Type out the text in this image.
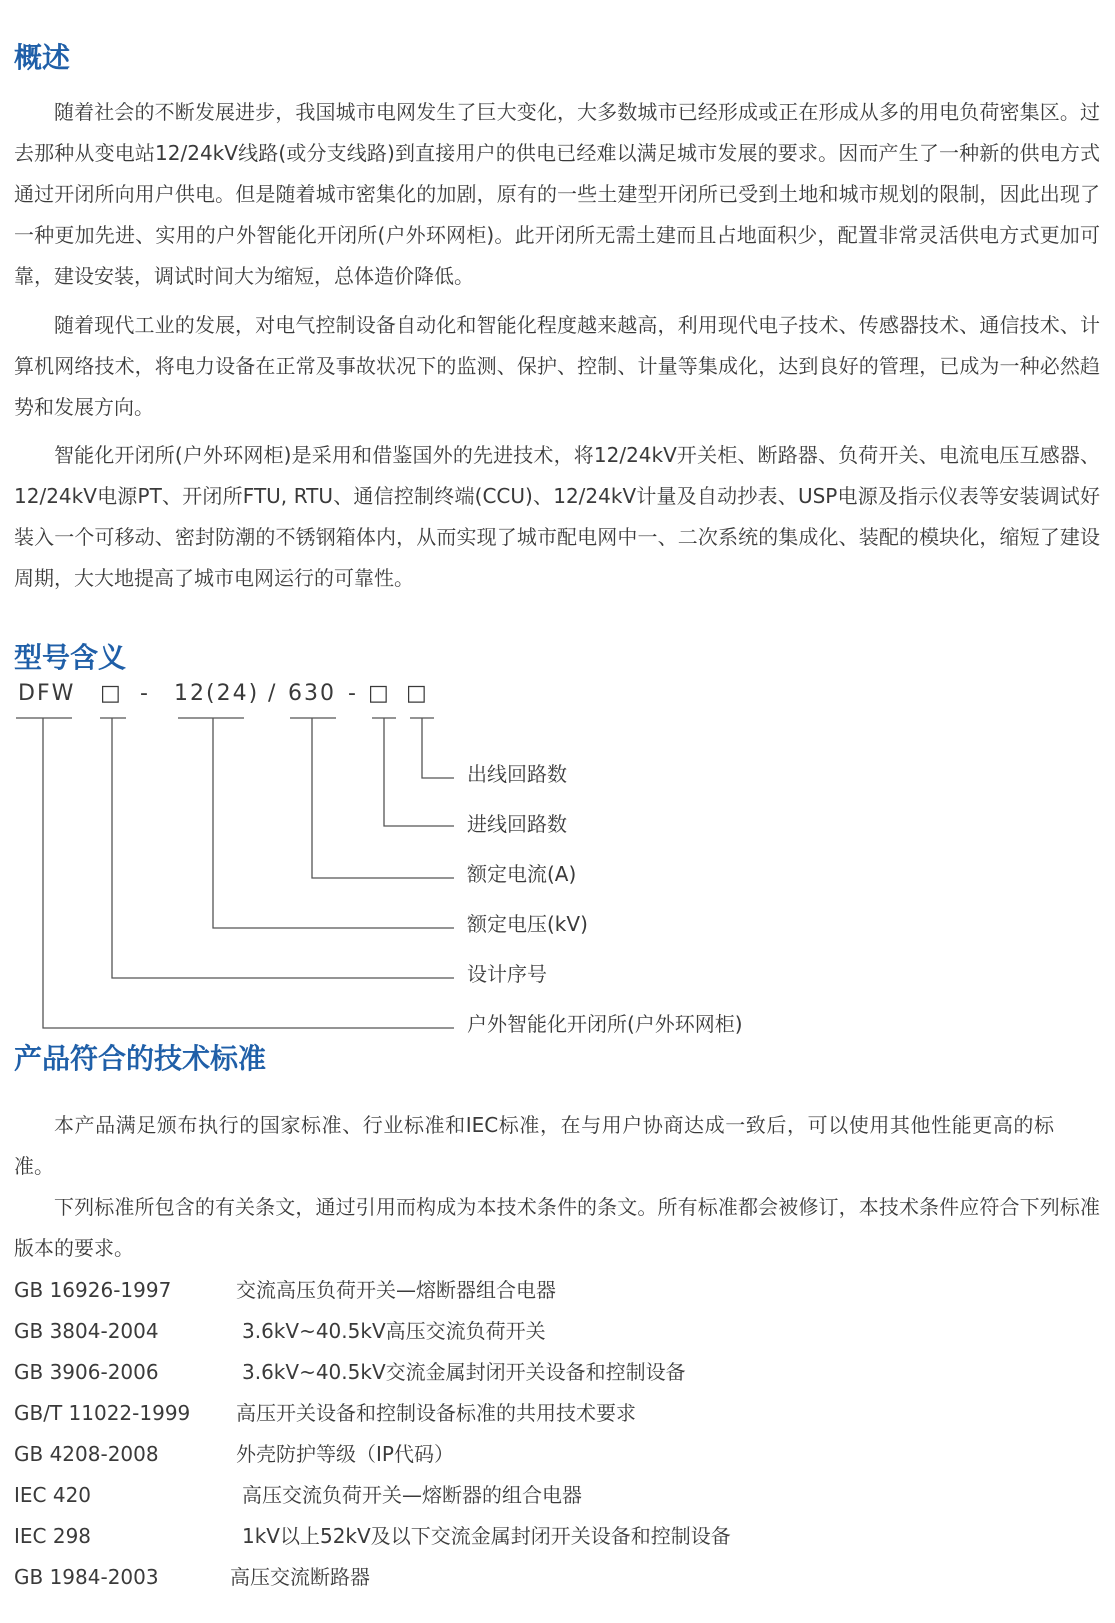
概述

随着社会的不断发展进步，我国城市电网发生了巨大变化，大多数城市已经形成或正在形成从多的用电负荷密集区。过去那种从变电站12/24kV线路(或分支线路)到直接用户的供电已经难以满足城市发展的要求。因而产生了一种新的供电方式通过开闭所向用户供电。但是随着城市密集化的加剧，原有的一些土建型开闭所已受到土地和城市规划的限制，因此出现了一种更加先进、实用的户外智能化开闭所(户外环网柜)。此开闭所无需土建而且占地面积少，配置非常灵活供电方式更加可靠，建设安装，调试时间大为缩短，总体造价降低。

随着现代工业的发展，对电气控制设备自动化和智能化程度越来越高，利用现代电子技术、传感器技术、通信技术、计算机网络技术，将电力设备在正常及事故状况下的监测、保护、控制、计量等集成化，达到良好的管理，已成为一种必然趋势和发展方向。

智能化开闭所(户外环网柜)是采用和借鉴国外的先进技术，将12/24kV开关柜、断路器、负荷开关、电流电压互感器、12/24kV电源PT、开闭所FTU, RTU、通信控制终端(CCU)、12/24kV计量及自动抄表、USP电源及指示仪表等安装调试好装入一个可移动、密封防潮的不锈钢箱体内，从而实现了城市配电网中一、二次系统的集成化、装配的模块化，缩短了建设周期，大大地提高了城市电网运行的可靠性。

型号含义
DFW □ - 12(24) / 630 - □ □
出线回路数
进线回路数
额定电流(A)
额定电压(kV)
设计序号
户外智能化开闭所(户外环网柜)
产品符合的技术标准

本产品满足颁布执行的国家标准、行业标准和IEC标准，在与用户协商达成一致后，可以使用其他性能更高的标准。

下列标准所包含的有关条文，通过引用而构成为本技术条件的条文。所有标准都会被修订，本技术条件应符合下列标准版本的要求。

GB 16926-1997	交流高压负荷开关—熔断器组合电器
GB 3804-2004	3.6kV~40.5kV高压交流负荷开关
GB 3906-2006	3.6kV~40.5kV交流金属封闭开关设备和控制设备
GB/T 11022-1999 高压开关设备和控制设备标准的共用技术要求
GB 4208-2008	外壳防护等级（IP代码）
IEC 420	高压交流负荷开关—熔断器的组合电器
IEC 298	1kV以上52kV及以下交流金属封闭开关设备和控制设备
GB 1984-2003	高压交流断路器
